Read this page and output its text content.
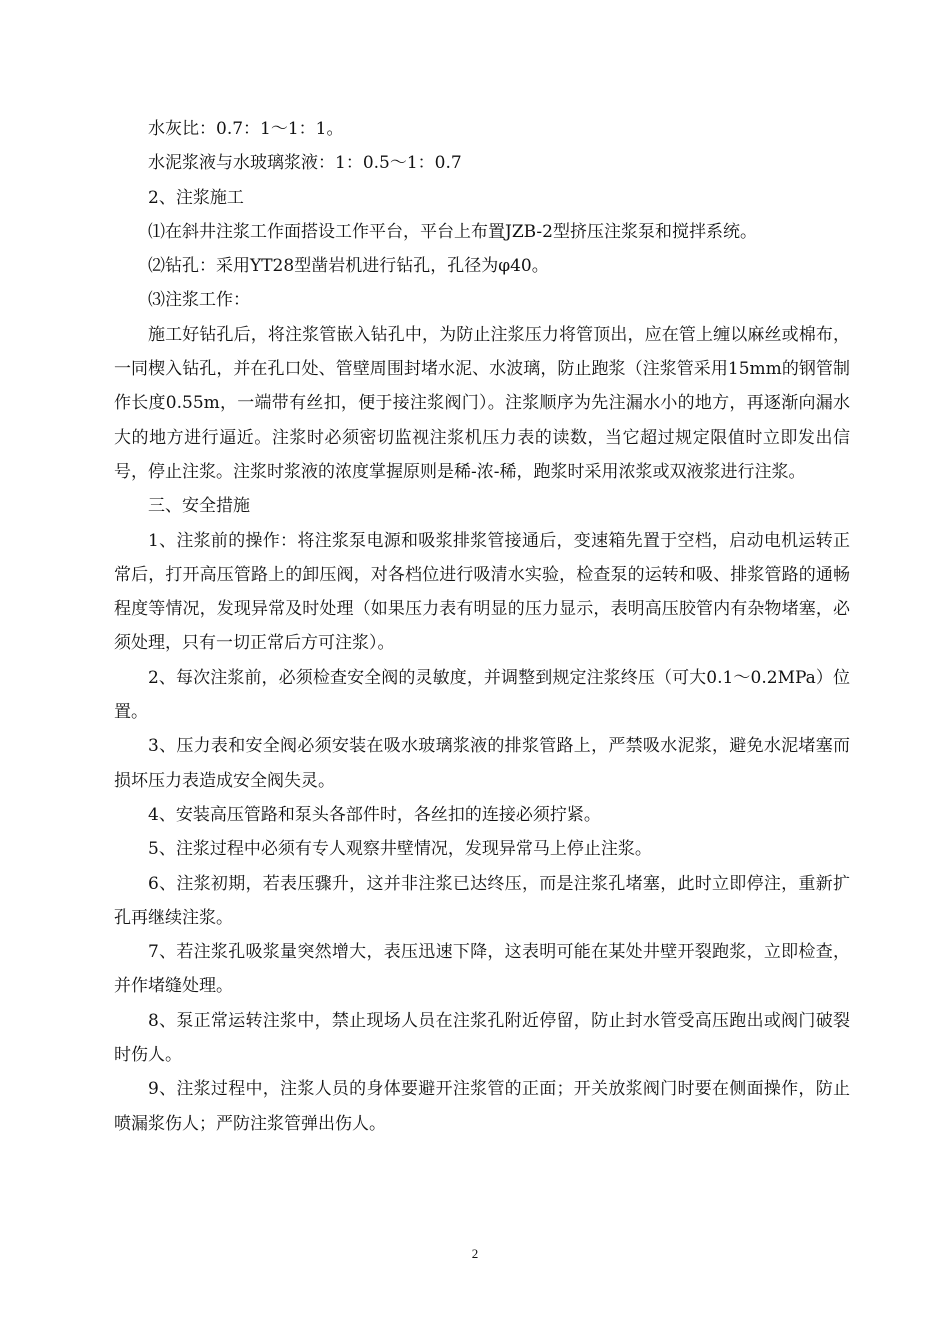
水灰比：0.7：1～1：1。

水泥浆液与水玻璃浆液：1：0.5～1：0.7

2、注浆施工

⑴在斜井注浆工作面搭设工作平台，平台上布置JZB-2型挤压注浆泵和搅拌系统。

⑵钻孔：采用YT28型凿岩机进行钻孔，孔径为φ40。

⑶注浆工作：

施工好钻孔后，将注浆管嵌入钻孔中，为防止注浆压力将管顶出，应在管上缠以麻丝或棉布，一同楔入钻孔，并在孔口处、管壁周围封堵水泥、水波璃，防止跑浆（注浆管采用15mm的钢管制作长度0.55m，一端带有丝扣，便于接注浆阀门）。注浆顺序为先注漏水小的地方，再逐渐向漏水大的地方进行逼近。注浆时必须密切监视注浆机压力表的读数，当它超过规定限值时立即发出信号，停止注浆。注浆时浆液的浓度掌握原则是稀-浓-稀，跑浆时采用浓浆或双液浆进行注浆。

三、安全措施

1、注浆前的操作：将注浆泵电源和吸浆排浆管接通后，变速箱先置于空档，启动电机运转正常后，打开高压管路上的卸压阀，对各档位进行吸清水实验，检查泵的运转和吸、排浆管路的通畅程度等情况，发现异常及时处理（如果压力表有明显的压力显示，表明高压胶管内有杂物堵塞，必须处理，只有一切正常后方可注浆）。

2、每次注浆前，必须检查安全阀的灵敏度，并调整到规定注浆终压（可大0.1～0.2MPa）位置。

3、压力表和安全阀必须安装在吸水玻璃浆液的排浆管路上，严禁吸水泥浆，避免水泥堵塞而损坏压力表造成安全阀失灵。

4、安装高压管路和泵头各部件时，各丝扣的连接必须拧紧。

5、注浆过程中必须有专人观察井壁情况，发现异常马上停止注浆。

6、注浆初期，若表压骤升，这并非注浆已达终压，而是注浆孔堵塞，此时立即停注，重新扩孔再继续注浆。

7、若注浆孔吸浆量突然增大，表压迅速下降，这表明可能在某处井壁开裂跑浆，立即检查，并作堵缝处理。

8、泵正常运转注浆中，禁止现场人员在注浆孔附近停留，防止封水管受高压跑出或阀门破裂时伤人。

9、注浆过程中，注浆人员的身体要避开注浆管的正面；开关放浆阀门时要在侧面操作，防止喷漏浆伤人；严防注浆管弹出伤人。

2
